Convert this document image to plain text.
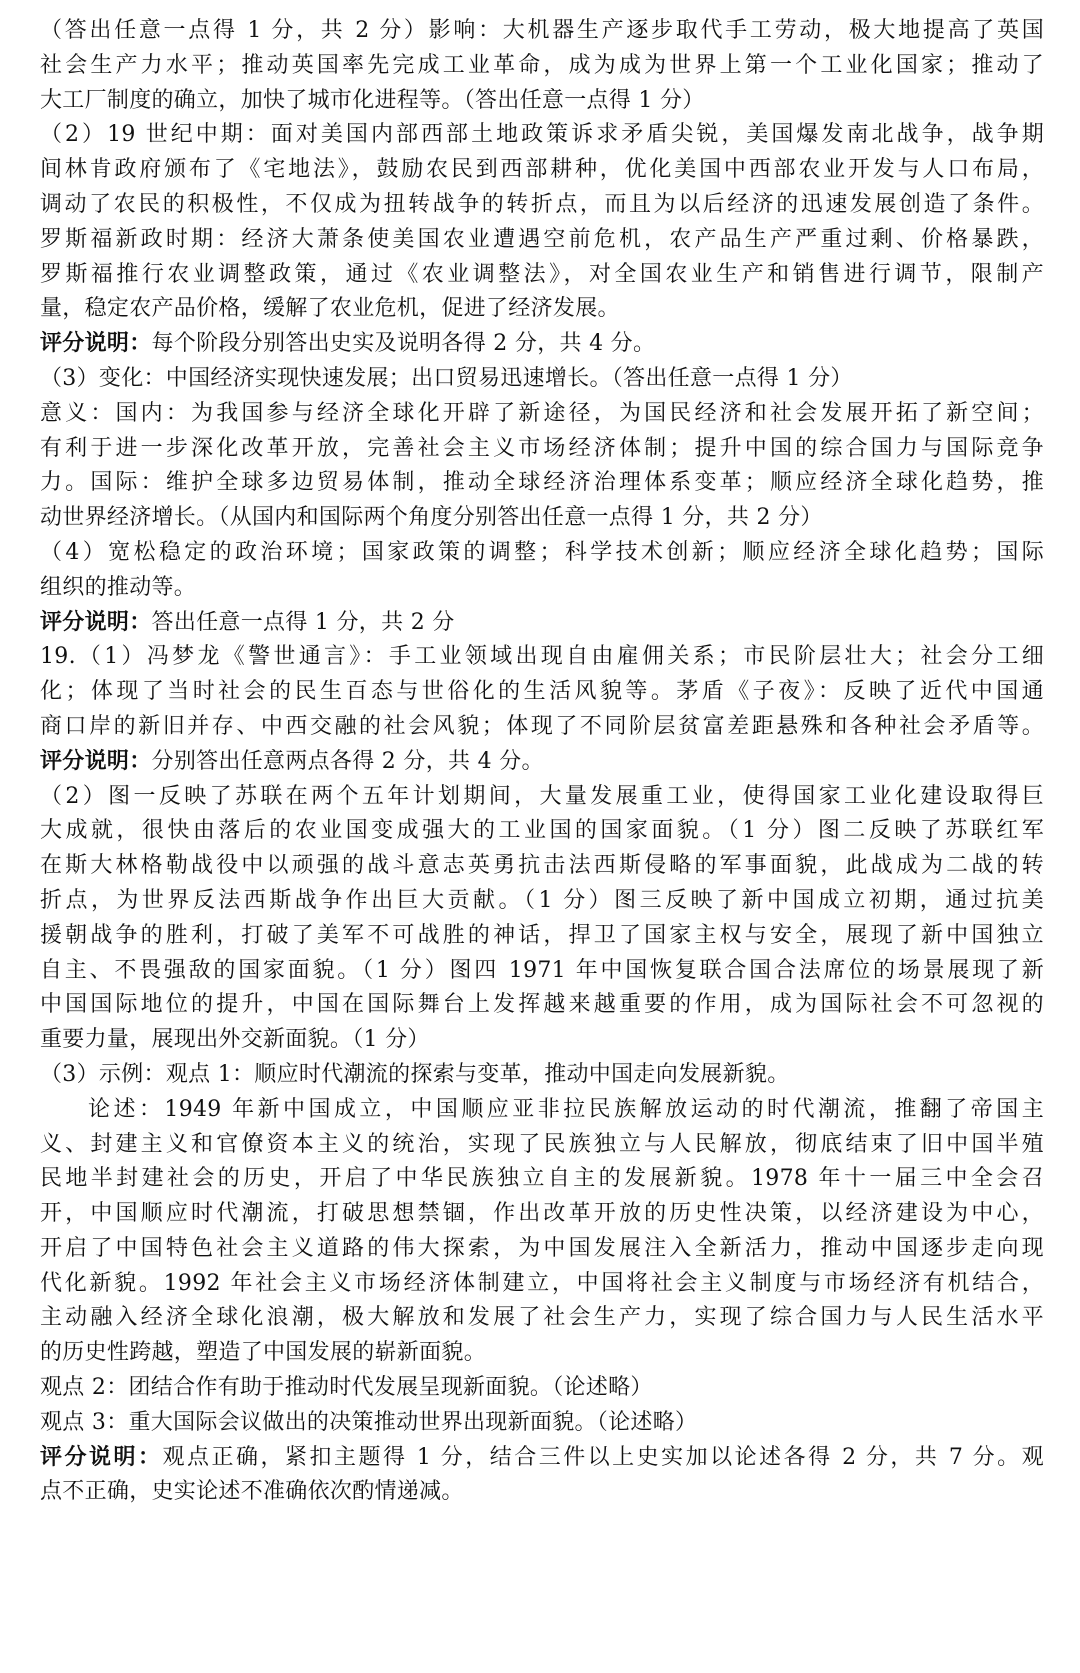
（答出任意一点得 1 分，共 2 分）影响：大机器生产逐步取代手工劳动，极大地提高了英国
社会生产力水平；推动英国率先完成工业革命，成为成为世界上第一个工业化国家；推动了
大工厂制度的确立，加快了城市化进程等。（答出任意一点得 1 分）
（2）19 世纪中期：面对美国内部西部土地政策诉求矛盾尖锐，美国爆发南北战争，战争期
间林肯政府颁布了《宅地法》，鼓励农民到西部耕种，优化美国中西部农业开发与人口布局，
调动了农民的积极性，不仅成为扭转战争的转折点，而且为以后经济的迅速发展创造了条件。
罗斯福新政时期：经济大萧条使美国农业遭遇空前危机，农产品生产严重过剩、价格暴跌，
罗斯福推行农业调整政策，通过《农业调整法》，对全国农业生产和销售进行调节，限制产
量，稳定农产品价格，缓解了农业危机，促进了经济发展。
评分说明：每个阶段分别答出史实及说明各得 2 分，共 4 分。
（3）变化：中国经济实现快速发展；出口贸易迅速增长。（答出任意一点得 1 分）
意义：国内：为我国参与经济全球化开辟了新途径，为国民经济和社会发展开拓了新空间；
有利于进一步深化改革开放，完善社会主义市场经济体制；提升中国的综合国力与国际竞争
力。国际：维护全球多边贸易体制，推动全球经济治理体系变革；顺应经济全球化趋势，推
动世界经济增长。（从国内和国际两个角度分别答出任意一点得 1 分，共 2 分）
（4）宽松稳定的政治环境；国家政策的调整；科学技术创新；顺应经济全球化趋势；国际
组织的推动等。
评分说明：答出任意一点得 1 分，共 2 分
19.（1）冯梦龙《警世通言》：手工业领域出现自由雇佣关系；市民阶层壮大；社会分工细
化；体现了当时社会的民生百态与世俗化的生活风貌等。茅盾《子夜》：反映了近代中国通
商口岸的新旧并存、中西交融的社会风貌；体现了不同阶层贫富差距悬殊和各种社会矛盾等。
评分说明：分别答出任意两点各得 2 分，共 4 分。
（2）图一反映了苏联在两个五年计划期间，大量发展重工业，使得国家工业化建设取得巨
大成就，很快由落后的农业国变成强大的工业国的国家面貌。（1 分）图二反映了苏联红军
在斯大林格勒战役中以顽强的战斗意志英勇抗击法西斯侵略的军事面貌，此战成为二战的转
折点，为世界反法西斯战争作出巨大贡献。（1 分）图三反映了新中国成立初期，通过抗美
援朝战争的胜利，打破了美军不可战胜的神话，捍卫了国家主权与安全，展现了新中国独立
自主、不畏强敌的国家面貌。（1 分）图四 1971 年中国恢复联合国合法席位的场景展现了新
中国国际地位的提升，中国在国际舞台上发挥越来越重要的作用，成为国际社会不可忽视的
重要力量，展现出外交新面貌。（1 分）
（3）示例：观点 1：顺应时代潮流的探索与变革，推动中国走向发展新貌。
论述：1949 年新中国成立，中国顺应亚非拉民族解放运动的时代潮流，推翻了帝国主
义、封建主义和官僚资本主义的统治，实现了民族独立与人民解放，彻底结束了旧中国半殖
民地半封建社会的历史，开启了中华民族独立自主的发展新貌。1978 年十一届三中全会召
开，中国顺应时代潮流，打破思想禁锢，作出改革开放的历史性决策，以经济建设为中心，
开启了中国特色社会主义道路的伟大探索，为中国发展注入全新活力，推动中国逐步走向现
代化新貌。1992 年社会主义市场经济体制建立，中国将社会主义制度与市场经济有机结合，
主动融入经济全球化浪潮，极大解放和发展了社会生产力，实现了综合国力与人民生活水平
的历史性跨越，塑造了中国发展的崭新面貌。
观点 2：团结合作有助于推动时代发展呈现新面貌。（论述略）
观点 3：重大国际会议做出的决策推动世界出现新面貌。（论述略）
评分说明：观点正确，紧扣主题得 1 分，结合三件以上史实加以论述各得 2 分，共 7 分。观
点不正确，史实论述不准确依次酌情递减。
